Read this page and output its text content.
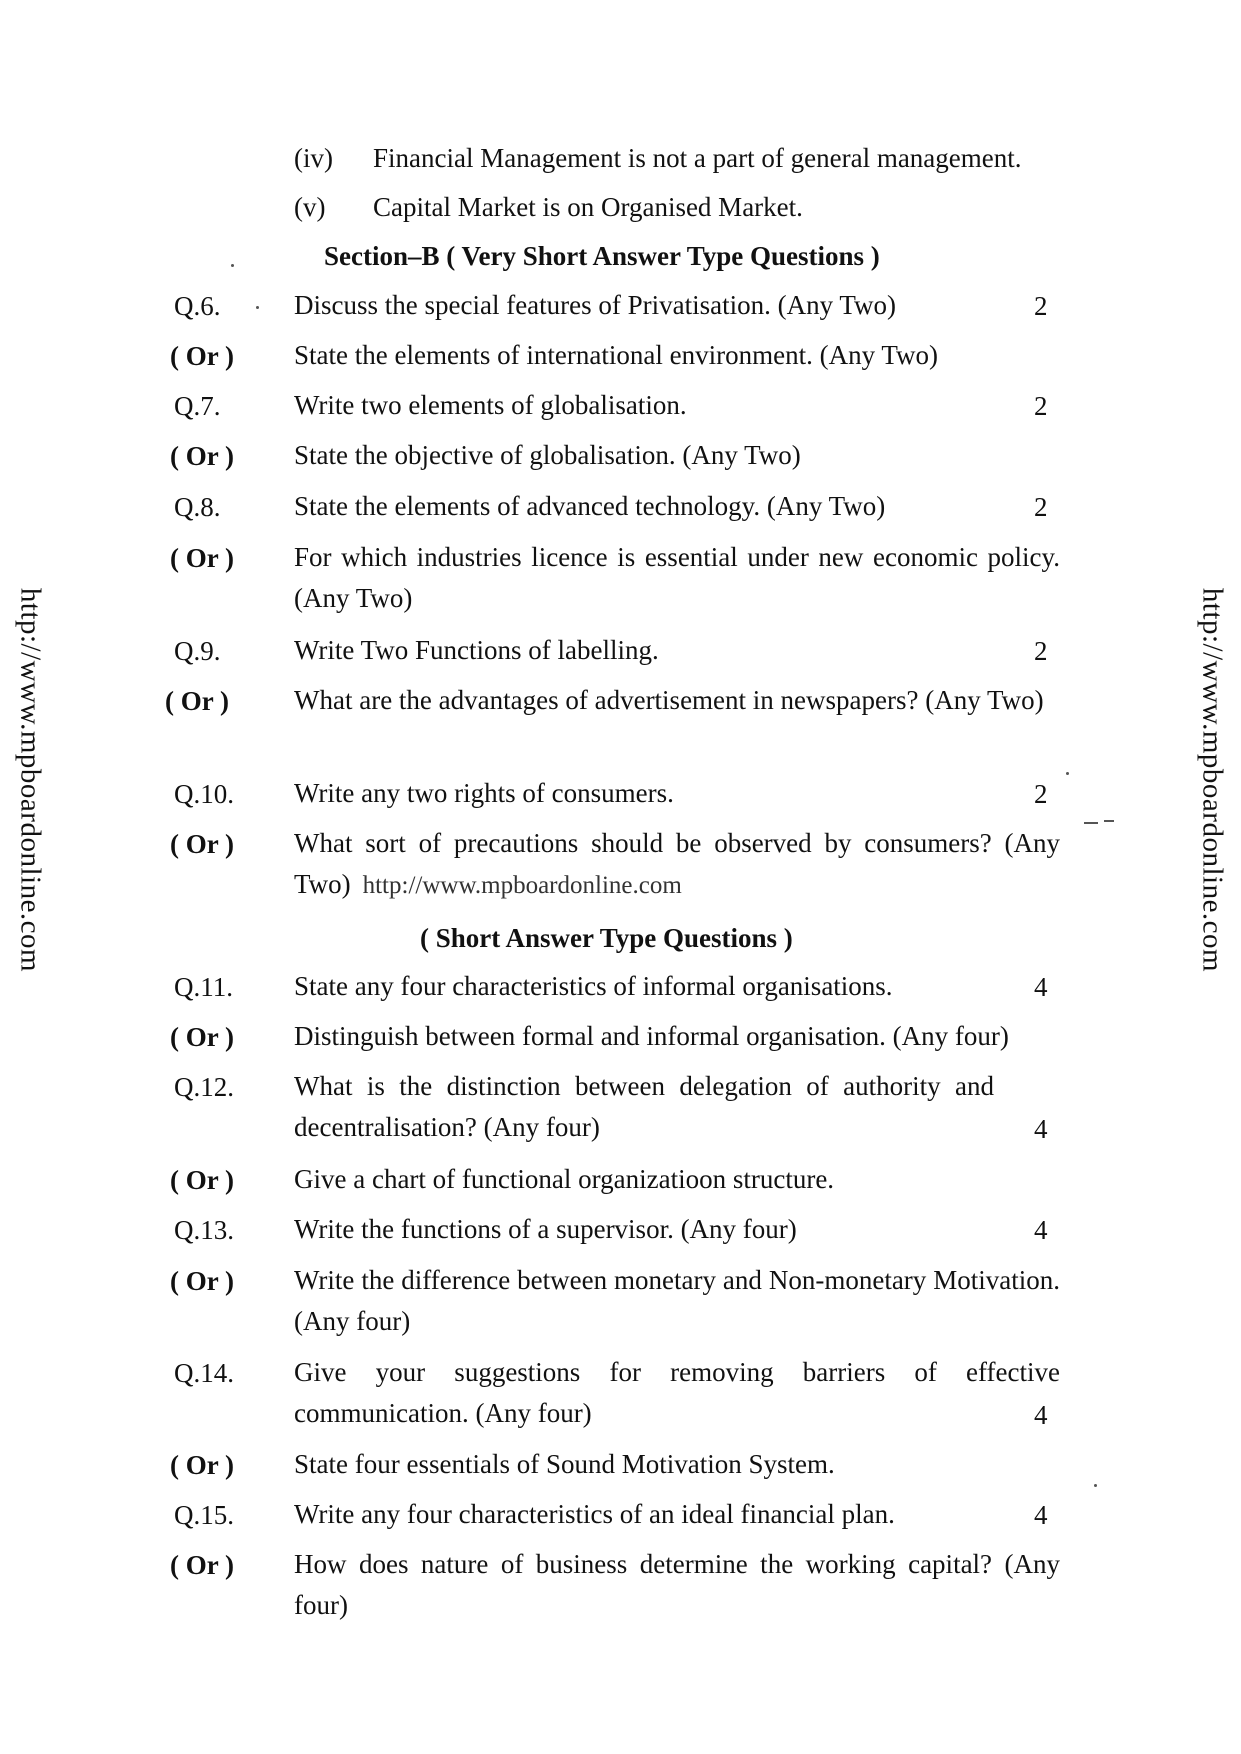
http://www.mpboardonline.com	http://www.mpboardonline.com
(iv) Financial Management is not a part of general management.
(v) Capital Market is on Organised Market.
Section–B ( Very Short Answer Type Questions )
Q.6.	Discuss the special features of Privatisation. (Any Two)	2
( Or ) State the elements of international environment. (Any Two)
Q.7.	Write two elements of globalisation.	2
( Or ) State the objective of globalisation. (Any Two)
Q.8.	State the elements of advanced technology. (Any Two)	2
( Or ) For which industries licence is essential under new economic policy. (Any Two)
Q.9.	Write Two Functions of labelling.	2
( Or ) What are the advantages of advertisement in newspapers? (Any Two)
Q.10. Write any two rights of consumers.	2
( Or ) What sort of precautions should be observed by consumers? (Any Two) http://www.mpboardonline.com
( Short Answer Type Questions )
Q.11. State any four characteristics of informal organisations.	4
( Or ) Distinguish between formal and informal organisation. (Any four)
Q.12. What is the distinction between delegation of authority and decentralisation? (Any four)	4
( Or ) Give a chart of functional organizatioon structure.
Q.13. Write the functions of a supervisor. (Any four)	4
( Or ) Write the difference between monetary and Non-monetary Motivation. (Any four)
Q.14. Give your suggestions for removing barriers of effective communication. (Any four)	4
( Or ) State four essentials of Sound Motivation System.
Q.15. Write any four characteristics of an ideal financial plan.	4
( Or ) How does nature of business determine the working capital? (Any four)
